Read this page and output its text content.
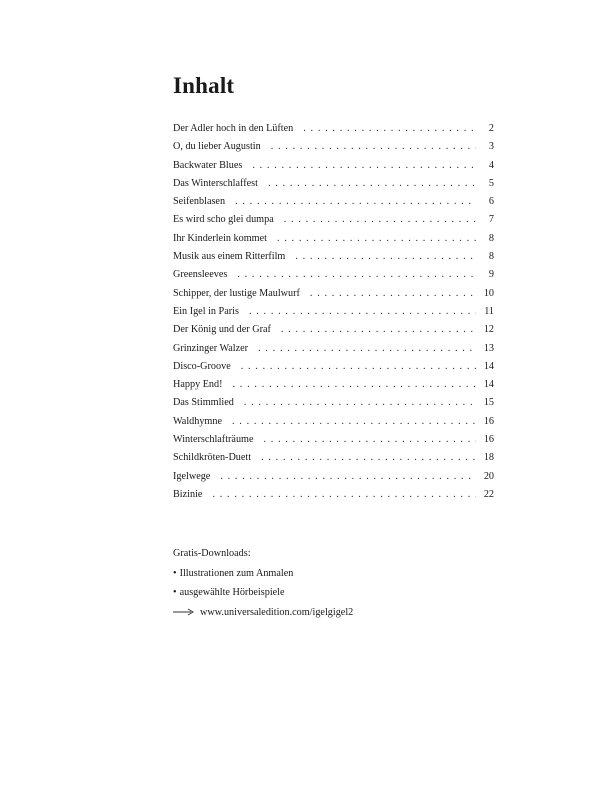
Inhalt
Der Adler hoch in den Lüften . . .	2
O, du lieber Augustin . . .	3
Backwater Blues . . .	4
Das Winterschlaffest . . .	5
Seifenblasen . . .	6
Es wird scho glei dumpa . . .	7
Ihr Kinderlein kommet . . .	8
Musik aus einem Ritterfilm . . .	8
Greensleeves . . .	9
Schipper, der lustige Maulwurf . . .	10
Ein Igel in Paris . . .	11
Der König und der Graf . . .	12
Grinzinger Walzer . . .	13
Disco-Groove . . .	14
Happy End! . . .	14
Das Stimmlied . . .	15
Waldhymne . . .	16
Winterschlafträume . . .	16
Schildkröten-Duett . . .	18
Igelwege . . .	20
Bizinie . . .	22
Gratis-Downloads:
• Illustrationen zum Anmalen
• ausgewählte Hörbeispiele
www.universaledition.com/igelgigel2
